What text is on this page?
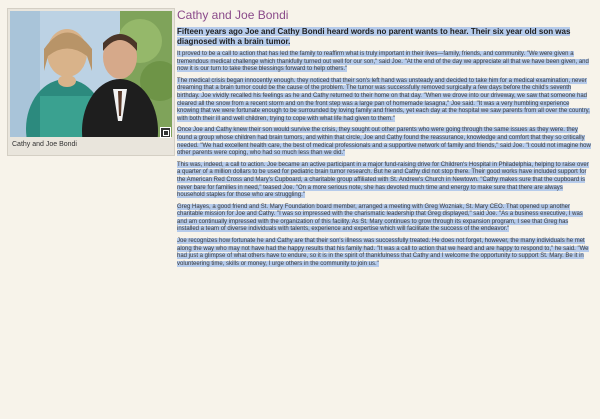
Cathy and Joe Bondi
Cathy and Joe Bondi

Fifteen years ago Joe and Cathy Bondi heard words no parent wants to hear. Their six year old son was diagnosed with a brain tumor.

It proved to be a call to action that has led the family to reaffirm what is truly important in their lives—family, friends, and community. "We were given a tremendous medical challenge which thankfully turned out well for our son," said Joe. "At the end of the day we appreciate all that we have been given, and now it is our turn to take these blessings forward to help others."

The medical crisis began innocently enough. they noticed that their son's left hand was unsteady and decided to take him for a medical examination, never dreaming that a brain tumor could be the cause of the problem. The tumor was successfully removed surgically a few days before the child's seventh birthday. Joe vividly recalled his feelings as he and Cathy returned to their home on that day. "When we drove into our driveway, we saw that someone had cleared all the snow from a recent storm and on the front step was a large pan of homemade lasagna," Joe said. "It was a very humbling experience knowing that we were fortunate enough to be surrounded by loving family and friends, yet each day at the hospital we saw parents from all over the country, with both their ill and well children, trying to cope with what life had given to them."

Once Joe and Cathy knew their son would survive the crisis, they sought out other parents who were going through the same issues as they were. they found a group whose children had brain tumors, and within that circle, Joe and Cathy found the reassurance, knowledge and comfort that they so critically needed. "We had excellent health care, the best of medical professionals and a supportive network of family and friends," said Joe. "I could not imagine how other parents were coping, who had so much less than we did."

This was, indeed, a call to action. Joe became an active participant in a major fund-raising drive for Children's Hospital in Philadelphia, helping to raise over a quarter of a million dollars to be used for pediatric brain tumor research. But he and Cathy did not stop there. Their good works have included support for the American Red Cross and Mary's Cupboard, a charitable group affiliated with St. Andrew's Church in Newtown. "Cathy makes sure that the cupboard is never bare for families in need," teased Joe. "On a more serious note, she has devoted much time and energy to make sure that there are always household staples for those who are struggling."

Greg Hayes, a good friend and St. Mary Foundation board member, arranged a meeting with Greg Wozniak, St. Mary CEO. That opened up another charitable mission for Joe and Cathy. "I was so impressed with the charismatic leadership that Greg displayed," said Joe. "As a business executive, I was and am continually impressed with the organization of this facility. As St. Mary continues to grow through its expansion program, I see that Greg has installed a team of diverse individuals with talents, experience and expertise which will facilitate the success of the endeavor."

Joe recognizes how fortunate he and Cathy are that their son's illness was successfully treated. He does not forget, however, the many individuals he met along the way who may not have had the happy results that his family had. "It was a call to action that we heard and are happy to respond to," he said. "We had just a glimpse of what others have to endure, so it is in the spirit of thankfulness that Cathy and I welcome the opportunity to support St. Mary. Be it in volunteering time, skills or money, I urge others in the community to join us."
